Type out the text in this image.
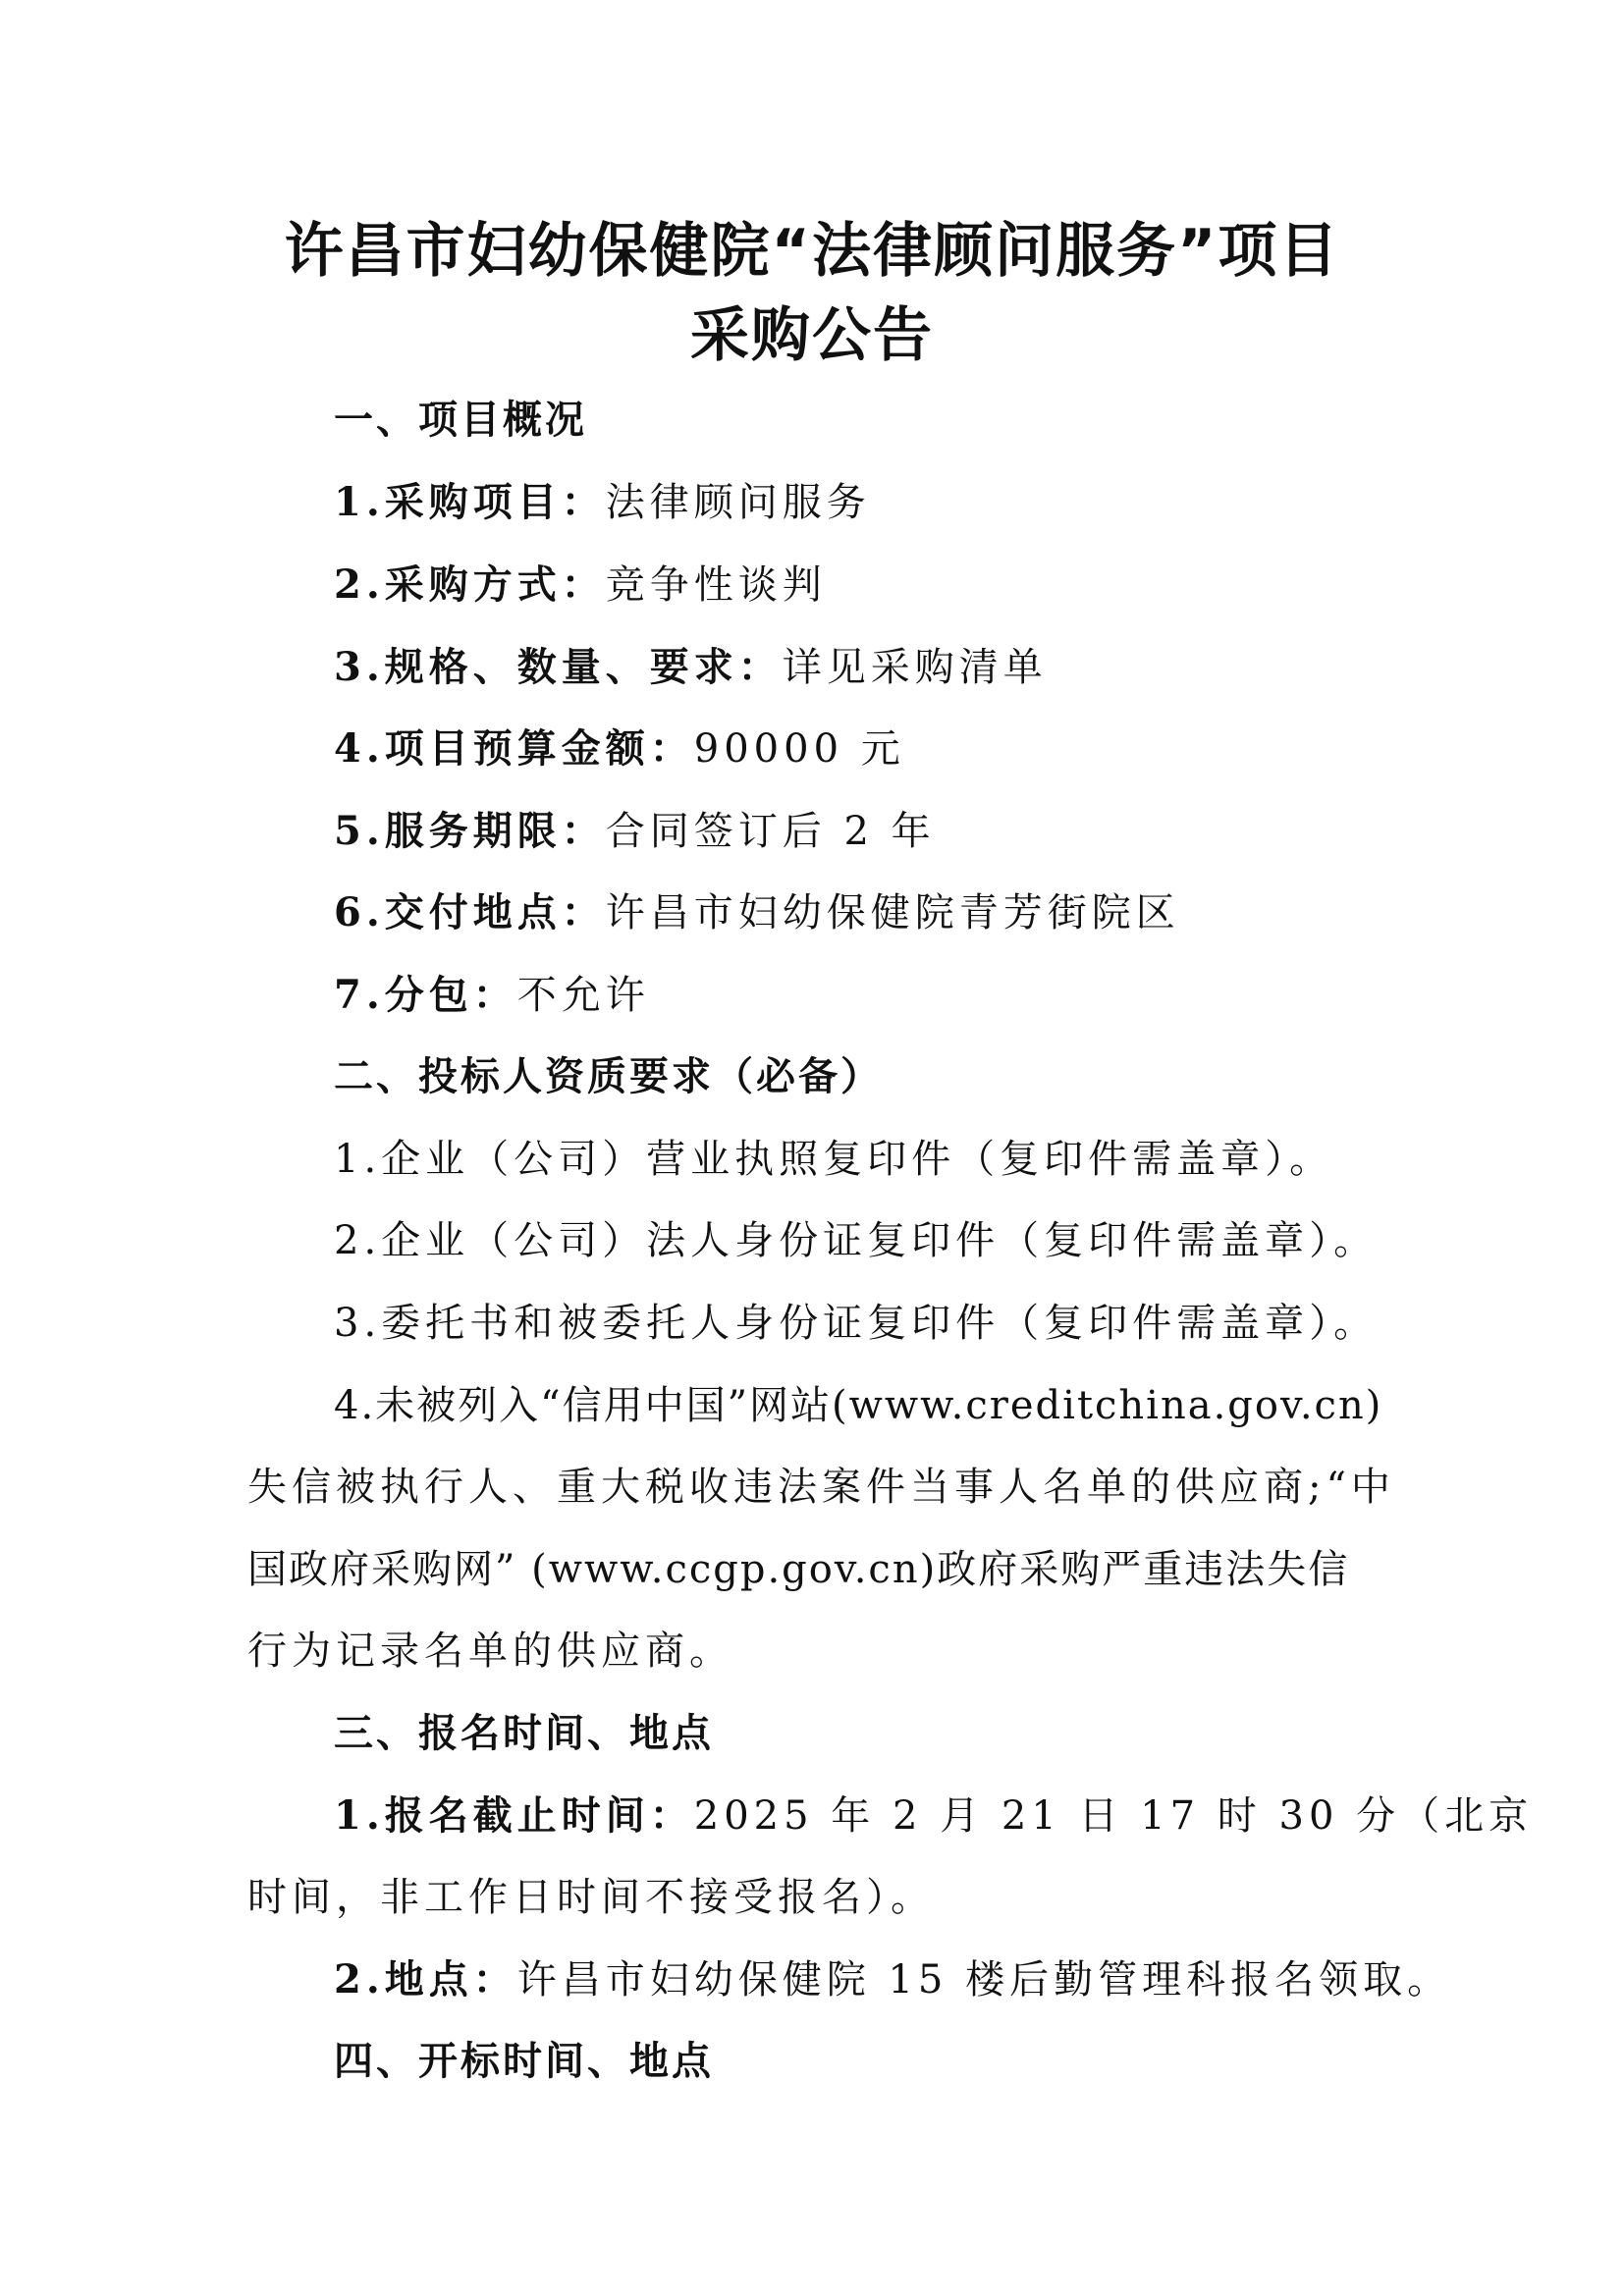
许昌市妇幼保健院“法律顾问服务”项目
采购公告

一、项目概况

1.采购项目：法律顾问服务

2.采购方式：竞争性谈判

3.规格、数量、要求：详见采购清单

4.项目预算金额：90000 元

5.服务期限：合同签订后 2 年

6.交付地点：许昌市妇幼保健院青芳街院区

7.分包：不允许

二、投标人资质要求（必备）

1.企业（公司）营业执照复印件（复印件需盖章）。

2.企业（公司）法人身份证复印件（复印件需盖章）。

3.委托书和被委托人身份证复印件（复印件需盖章）。

4.未被列入“信用中国”网站(www.creditchina.gov.cn)

失信被执行人、重大税收违法案件当事人名单的供应商;“中

国政府采购网” (www.ccgp.gov.cn)政府采购严重违法失信

行为记录名单的供应商。

三、报名时间、地点

1.报名截止时间：2025 年 2 月 21 日 17 时 30 分（北京

时间，非工作日时间不接受报名）。

2.地点：许昌市妇幼保健院 15 楼后勤管理科报名领取。

四、开标时间、地点
